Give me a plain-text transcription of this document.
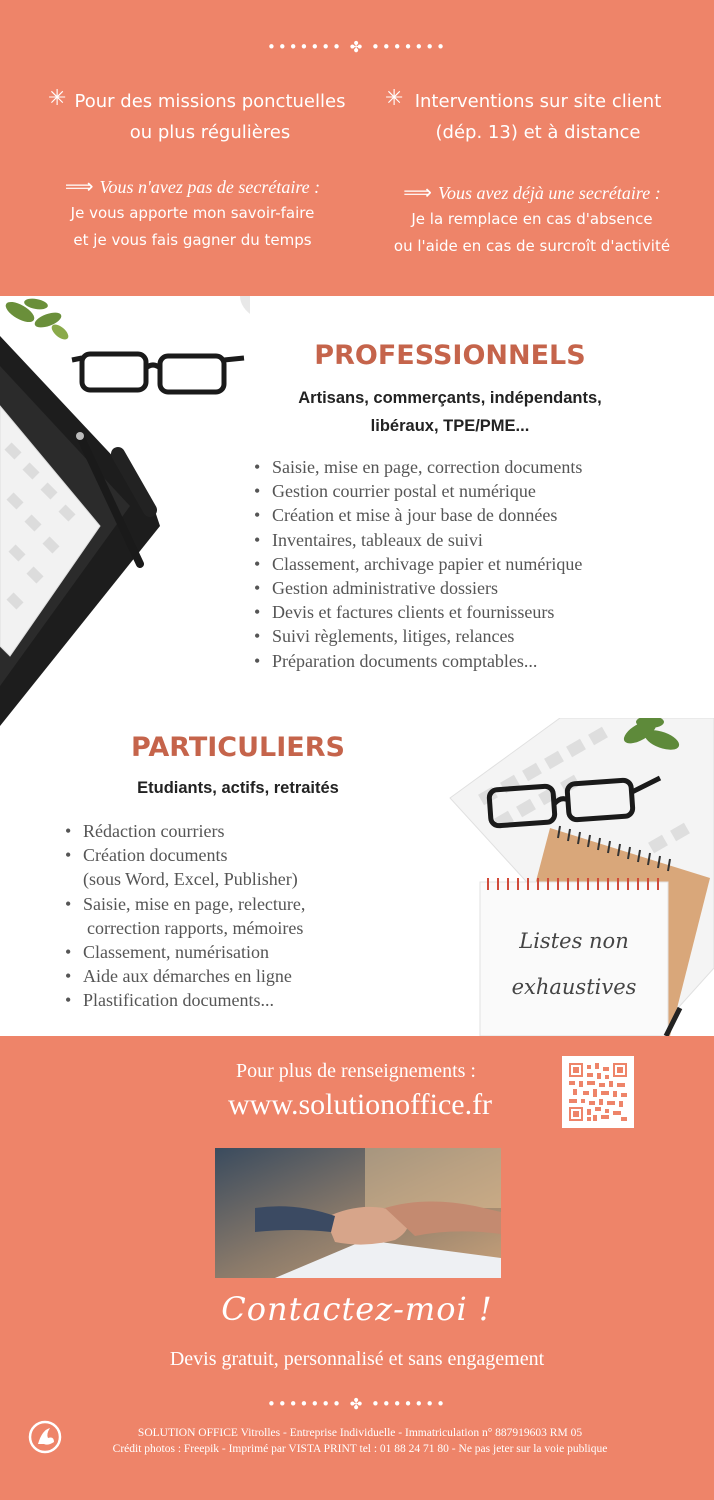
••••••• ✤ •••••••
✳ Pour des missions ponctuelles
ou plus régulières
✳ Interventions sur site client
(dép. 13) et à distance
⟹ Vous n'avez pas de secrétaire :
Je vous apporte mon savoir-faire
et je vous fais gagner du temps
⟹ Vous avez déjà une secrétaire :
Je la remplace en cas d'absence
ou l'aide en cas de surcroît d'activité
PROFESSIONNELS
Artisans, commerçants, indépendants,
libéraux, TPE/PME...
• Saisie, mise en page, correction documents
• Gestion courrier postal et numérique
• Création et mise à jour base de données
• Inventaires, tableaux de suivi
• Classement, archivage papier et numérique
• Gestion administrative dossiers
• Devis et factures clients et fournisseurs
• Suivi règlements, litiges, relances
• Préparation documents comptables...
PARTICULIERS
Etudiants, actifs, retraités
• Rédaction courriers
• Création documents
(sous Word, Excel, Publisher)
• Saisie, mise en page, relecture,
correction rapports, mémoires
• Classement, numérisation
• Aide aux démarches en ligne
• Plastification documents...
Listes non
exhaustives
Pour plus de renseignements :
www.solutionoffice.fr
Contactez-moi !
Devis gratuit, personnalisé et sans engagement
••••••• ✤ •••••••
SOLUTION OFFICE Vitrolles - Entreprise Individuelle - Immatriculation n° 887919603 RM 05
Crédit photos : Freepik - Imprimé par VISTA PRINT tel : 01 88 24 71 80 - Ne pas jeter sur la voie publique
